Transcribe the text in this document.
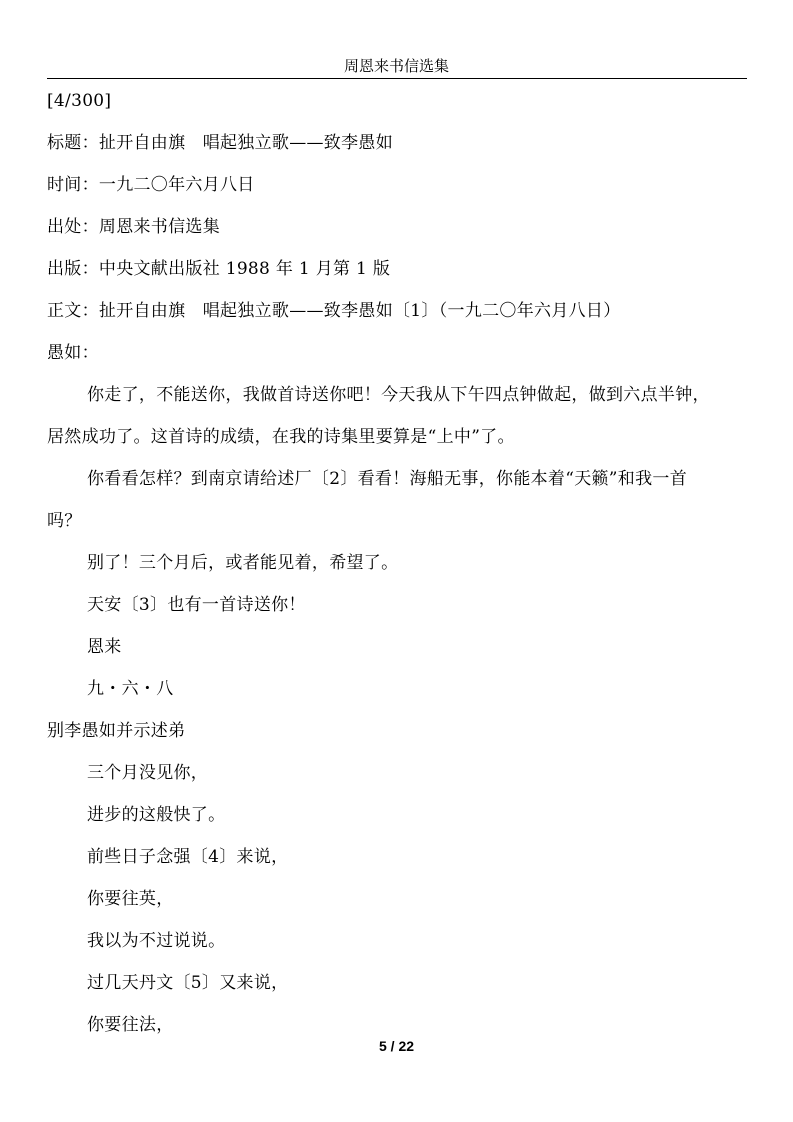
周恩来书信选集
[4/300]
标题：扯开自由旗　唱起独立歌——致李愚如
时间：一九二〇年六月八日
出处：周恩来书信选集
出版：中央文献出版社 1988 年 1 月第 1 版
正文：扯开自由旗　唱起独立歌——致李愚如〔1〕（一九二〇年六月八日）
愚如：
你走了，不能送你，我做首诗送你吧！今天我从下午四点钟做起，做到六点半钟，
居然成功了。这首诗的成绩，在我的诗集里要算是“上中”了。
你看看怎样？到南京请给述厂〔2〕看看！海船无事，你能本着“天籁”和我一首
吗？
别了！三个月后，或者能见着，希望了。
天安〔3〕也有一首诗送你！
恩来
九・六・八
别李愚如并示述弟
三个月没见你，
进步的这般快了。
前些日子念强〔4〕来说，
你要往英，
我以为不过说说。
过几天丹文〔5〕又来说，
你要往法，
5 / 22
